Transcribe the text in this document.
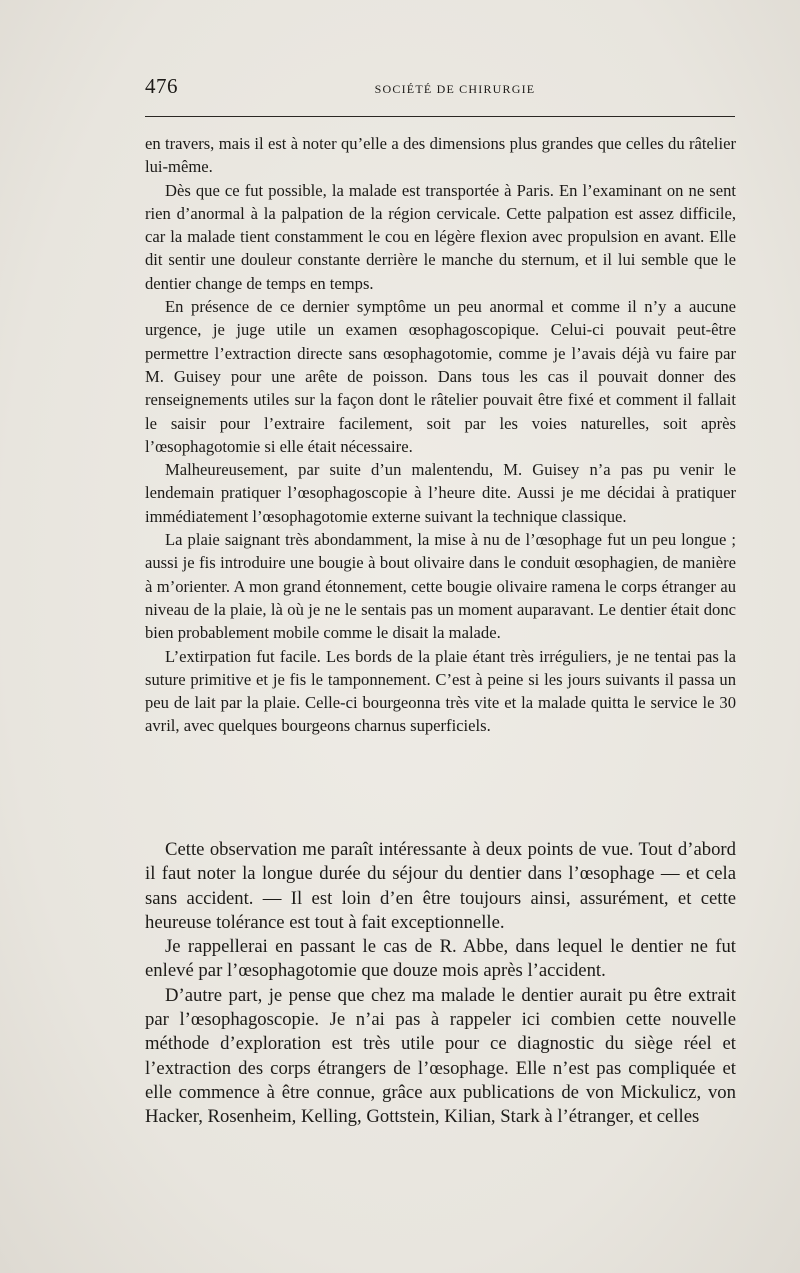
476	SOCIÉTÉ DE CHIRURGIE

en travers, mais il est à noter qu’elle a des dimensions plus grandes que celles du râtelier lui-même.

Dès que ce fut possible, la malade est transportée à Paris. En l’examinant on ne sent rien d’anormal à la palpation de la région cervicale. Cette palpation est assez difficile, car la malade tient constamment le cou en légère flexion avec propulsion en avant. Elle dit sentir une douleur constante derrière le manche du sternum, et il lui semble que le dentier change de temps en temps.

En présence de ce dernier symptôme un peu anormal et comme il n’y a aucune urgence, je juge utile un examen œsophagoscopique. Celui-ci pouvait peut-être permettre l’extraction directe sans œsophagotomie, comme je l’avais déjà vu faire par M. Guisey pour une arête de poisson. Dans tous les cas il pouvait donner des renseignements utiles sur la façon dont le râtelier pouvait être fixé et comment il fallait le saisir pour l’extraire facilement, soit par les voies naturelles, soit après l’œsophagotomie si elle était nécessaire.

Malheureusement, par suite d’un malentendu, M. Guisey n’a pas pu venir le lendemain pratiquer l’œsophagoscopie à l’heure dite. Aussi je me décidai à pratiquer immédiatement l’œsophagotomie externe suivant la technique classique.

La plaie saignant très abondamment, la mise à nu de l’œsophage fut un peu longue ; aussi je fis introduire une bougie à bout olivaire dans le conduit œsophagien, de manière à m’orienter. A mon grand étonnement, cette bougie olivaire ramena le corps étranger au niveau de la plaie, là où je ne le sentais pas un moment auparavant. Le dentier était donc bien probablement mobile comme le disait la malade.

L’extirpation fut facile. Les bords de la plaie étant très irréguliers, je ne tentai pas la suture primitive et je fis le tamponnement. C’est à peine si les jours suivants il passa un peu de lait par la plaie. Celle-ci bourgeonna très vite et la malade quitta le service le 30 avril, avec quelques bourgeons charnus superficiels.

Cette observation me paraît intéressante à deux points de vue. Tout d’abord il faut noter la longue durée du séjour du dentier dans l’œsophage — et cela sans accident. — Il est loin d’en être toujours ainsi, assurément, et cette heureuse tolérance est tout à fait exceptionnelle.

Je rappellerai en passant le cas de R. Abbe, dans lequel le dentier ne fut enlevé par l’œsophagotomie que douze mois après l’accident.

D’autre part, je pense que chez ma malade le dentier aurait pu être extrait par l’œsophagoscopie. Je n’ai pas à rappeler ici combien cette nouvelle méthode d’exploration est très utile pour ce diagnostic du siège réel et l’extraction des corps étrangers de l’œsophage. Elle n’est pas compliquée et elle commence à être connue, grâce aux publications de von Mickulicz, von Hacker, Rosenheim, Kelling, Gottstein, Kilian, Stark à l’étranger, et celles
